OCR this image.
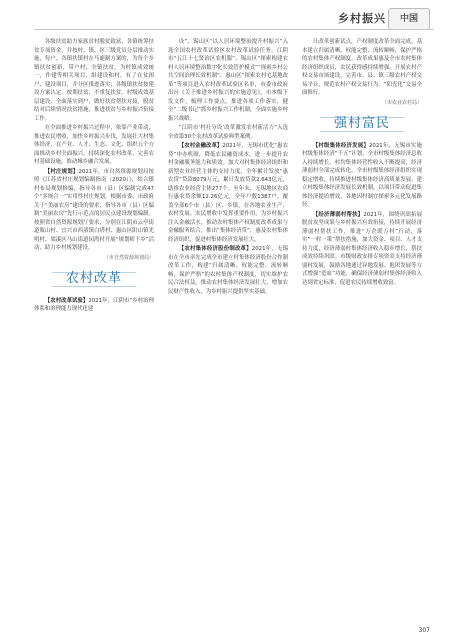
乡村振兴	中国

各级扶贫助力家族贫村脱贫致富，各镇统筹扶贫专项资金，并按村、镇、区三级党员分层推动实施，每户、各镇扶镇村在马鹿制方案的，为每个乡镇扶贫创新，带户村、全镇扶贫，为村镇成效统一，作建等相关项目，组建设和村，有了在贫困户、建设项目，并分区推进落实；各级镇扶贫按建设方案认定，按期扶贫，不重复扶贫，村级成效基层建设，全面落实到户，做好扶贫帮扶对接，脱贫结对后续情况扶贫措施，推进扶贫与乡村振兴衔接工作。

在全面推进乡村振兴过程中，依靠产业带动，推进农民增收，加快乡村振兴步伐，发展壮大村集体经济，在产业、人才、生态、文化、组织五个方面推动乡村全面振兴，持续深化农村改革，完善农村基础设施，推动城乡融合发展。

【村庄规划】2021年，市自然资源规划局按照《江苏省村庄规划编制指南（2020）》，结合镇村布局规划修编，指导各市（县）区编制完成47个“多规合一”实用性村庄规划。根据市委、市政府关于“美丽农房”建设的要求，指导各市（县）区编制“美丽农房”先行示范点的居民点建设规划编制。按照省自然资源规划厅要求，分别在江阴市云亭街道瓶山村、宜兴市西渚镇白塔村、惠山区阳山镇光明村、梁溪区马山街道闵湾村开展“规划师下乡”活动，助力乡村规划建设。

（市自然资源规划局）
农村改革

【农村改革试验】2021年，江阴市“乡村治理体系和治理能力现代化建

设”、锡山区“以人居环境整治提升村振兴”入选全国农村改革试验区农村改革试验任务。江阴市“五江十七贤治区农机服”、锡山区“探索构建农村人居环境整治数字化长效管护模式”“探索乡村公共空间治理长效机制”、惠山区“探索农村宅基地改革”等项目进入农村改革试验区名单，市委市政府出台《关于推进乡村振兴的实施意见》，市本级下发文件，梳理工作要点，推进各项工作落实，健全“二级书记”抓乡村振兴工作机制，全面实施乡村振兴战略。

“江阴市‘村社分设’改革激发农村新活力”入选全省第30个农村改革试验典型案例。

【农村金融改革】2021年，无锡市优化“惠农贷”申办机制，降低农民融资成本，进一步提升农村金融服务能力和质效。加大对村集体经济组织和新型农业经营主体的支持力度，全年累计发放“惠农贷”贷款8079万元，累计发放贷款2.643亿元，助推农业经营主体277个。至年末，无锡地区农商行惠农贷余额12.26亿元，全年户数1387户，覆盖全部6个市（县）区、乡镇，在各地农业生产、农村发展、农民增收中发挥重要作用，为乡村振兴注入金融活水。推动农村集体产权制度改革成果与金融服务结合，推出“集体经济贷”，惠及农村集体经济组织，促进村集体经济发展壮大。

【农村集体经济股份制改革】2021年，无锡市在全市率先完成全市建立村集体经济股份合作制改革工作，构建“归属清晰、权能完整、流转顺畅、保护严格”的农村集体产权制度，切实维护农民合法权益，推动农村集体经济发展壮大，增加农民财产性收入，为乡村振兴提供坚实基础。

计改革创新试点，产权制度改革全面完成，基本建立归属清晰、权能完整、流转顺畅、保护严格的农村集体产权制度，改革成果惠及全市农村集体经济组织成员，农民获得感持续增强。开展农村产权交易市场建设，完善市、县、镇三级农村产权交易平台，规范农村产权交易行为，“阳光化”交易全面推行。

（市农业农村局）
强村富民

【村级集体经济发展】2021年，无锡市实施村级集体经济“千五”计划，全市村级集体经济总收入持续增长，村均集体经营性收入不断提高，经济薄弱村全部完成转化，全市村级集体经济组织实现稳定增收，持续推进村级集体经济高质量发展，建立村级集体经济发展长效机制，以项目带动促进集体经济提质增效，各地因村制宜探索多元化发展路径。

【经济薄弱村帮扶】2021年，围绕巩固拓展脱贫攻坚成果与乡村振兴有效衔接，持续开展经济薄弱村帮扶工作，推进“万企联万村”行动，落实“一村一策”帮扶措施，加大资金、项目、人才支持力度，经济薄弱村集体经济收入稳步增长，帮扶成效持续巩固。市级财政安排专项资金支持经济薄弱村发展，鼓励各地通过异地发展、抱团发展等方式增强“造血”功能，确保经济薄弱村集体经济收入达到省定标准，促进农民持续增收致富。

307
